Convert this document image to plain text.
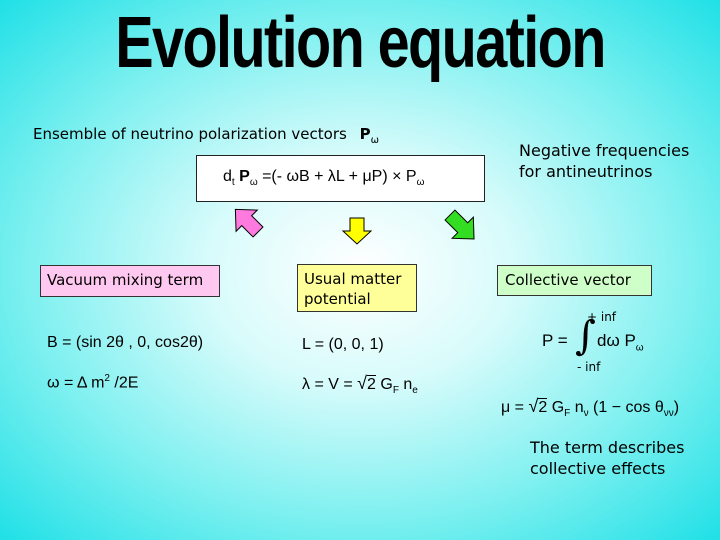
Evolution equation
Ensemble of neutrino polarization vectors $P_\omega$
Negative frequencies
for antineutrinos
$d_t$ $P_\omega$ =(- $\omega B + \lambda L + \mu P) \times P_\omega$
Vacuum mixing term
B = (sin 2θ , 0, cos2θ)
ω = Δ $m^2$ /2E
Usual matter
potential
L = (0, 0, 1)
λ = V = √2 $G_F$ $n_e$
Collective vector
+ inf
P = ∫ dω $P_\omega$
- inf
μ = √2 $G_F$ $n_\nu$ $(1 - \cos \theta_{\nu\nu})$
The term describes
collective effects
